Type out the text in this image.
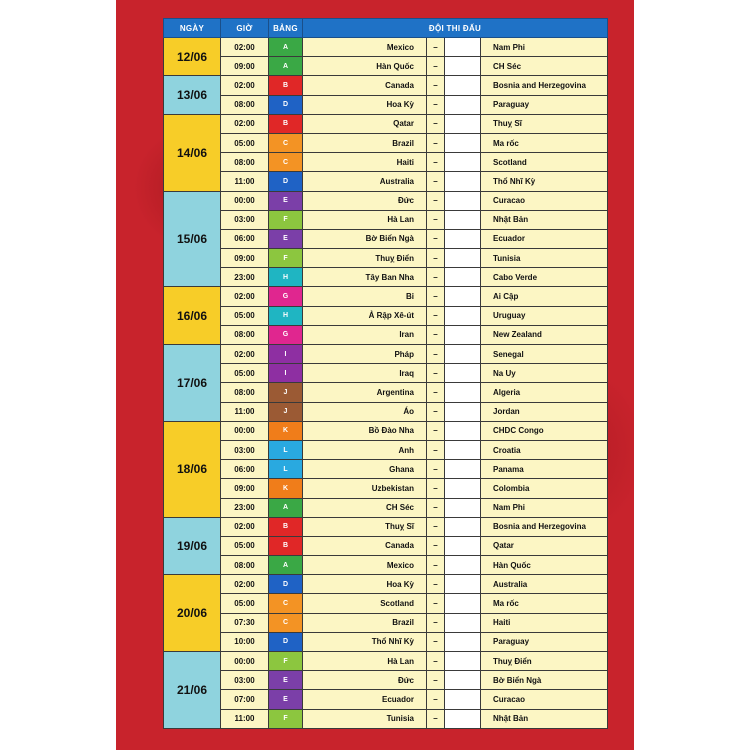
NGÀY	GIỜ	BẢNG	ĐỘI THI ĐẤU			
12/06	02:00	A	Mexico	–		Nam Phi
	09:00	A	Hàn Quốc	–		CH Séc
13/06	02:00	B	Canada	–		Bosnia and Herzegovina
	08:00	D	Hoa Kỳ	–		Paraguay
14/06	02:00	B	Qatar	–		Thuỵ Sĩ
	05:00	C	Brazil	–		Ma rốc
	08:00	C	Haiti	–		Scotland
	11:00	D	Australia	–		Thổ Nhĩ Kỳ
15/06	00:00	E	Đức	–		Curacao
	03:00	F	Hà Lan	–		Nhật Bản
	06:00	E	Bờ Biển Ngà	–		Ecuador
	09:00	F	Thuỵ Điển	–		Tunisia
	23:00	H	Tây Ban Nha	–		Cabo Verde
16/06	02:00	G	Bỉ	–		Ai Cập
	05:00	H	Ả Rập Xê-út	–		Uruguay
	08:00	G	Iran	–		New Zealand
17/06	02:00	I	Pháp	–		Senegal
	05:00	I	Iraq	–		Na Uy
	08:00	J	Argentina	–		Algeria
	11:00	J	Áo	–		Jordan
18/06	00:00	K	Bồ Đào Nha	–		CHDC Congo
	03:00	L	Anh	–		Croatia
	06:00	L	Ghana	–		Panama
	09:00	K	Uzbekistan	–		Colombia
	23:00	A	CH Séc	–		Nam Phi
19/06	02:00	B	Thuỵ Sĩ	–		Bosnia and Herzegovina
	05:00	B	Canada	–		Qatar
	08:00	A	Mexico	–		Hàn Quốc
20/06	02:00	D	Hoa Kỳ	–		Australia
	05:00	C	Scotland	–		Ma rốc
	07:30	C	Brazil	–		Haiti
	10:00	D	Thổ Nhĩ Kỳ	–		Paraguay
21/06	00:00	F	Hà Lan	–		Thuỵ Điển
	03:00	E	Đức	–		Bờ Biển Ngà
	07:00	E	Ecuador	–		Curacao
	11:00	F	Tunisia	–		Nhật Bản
